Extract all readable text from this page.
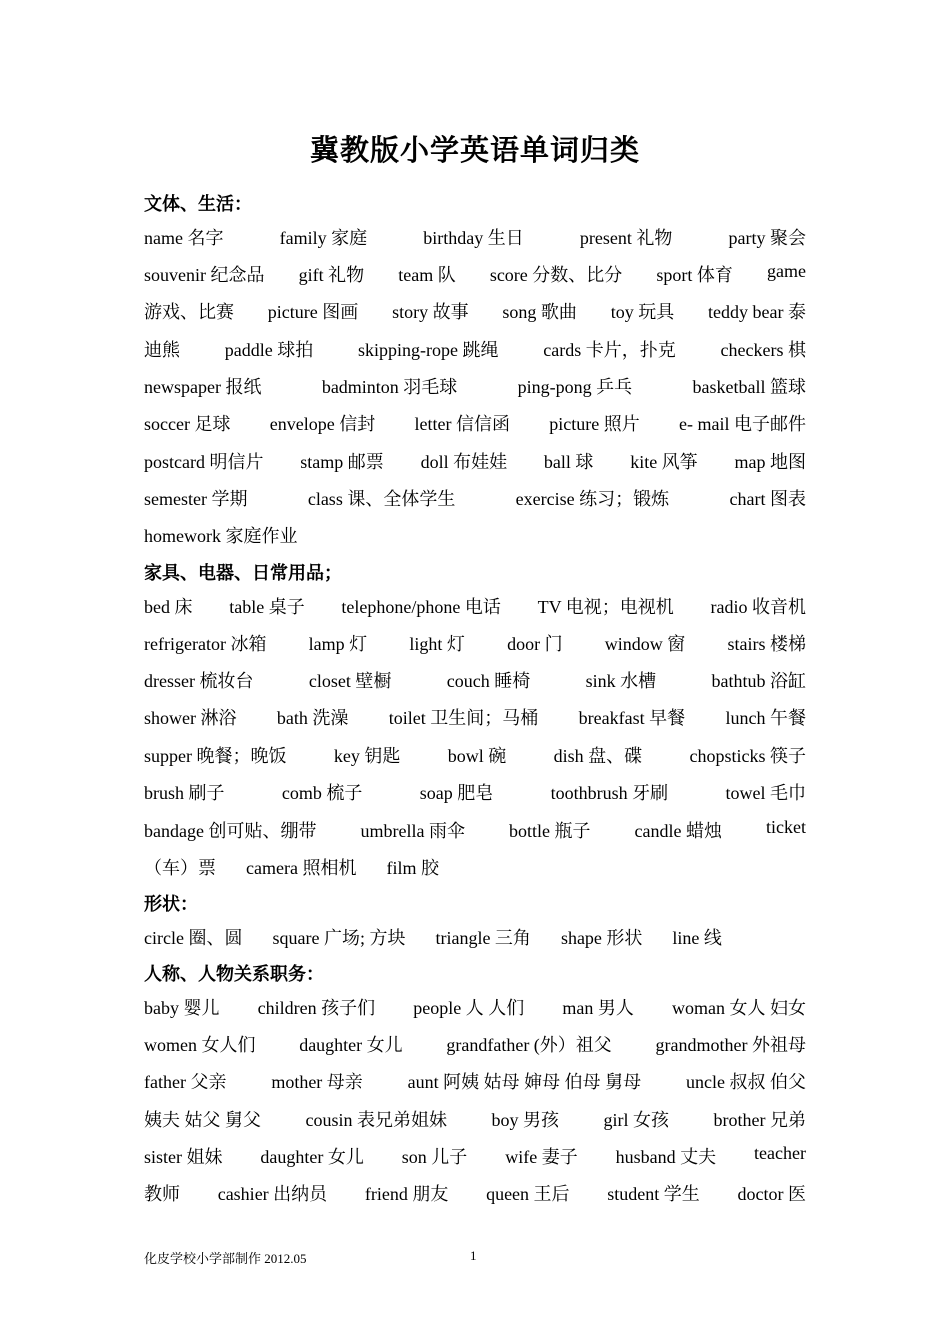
冀教版小学英语单词归类
文体、生活：
name 名字	family 家庭	birthday 生日	present 礼物	party 聚会
souvenir 纪念品 gift 礼物 team 队 score 分数、比分 sport 体育 game
游戏、比赛 picture 图画 story 故事 song 歌曲 toy 玩具 teddy bear 泰
迪熊 paddle 球拍 skipping-rope 跳绳 cards 卡片，扑克 checkers 棋
newspaper 报纸	badminton 羽毛球	ping-pong 乒乓	basketball 篮球
soccer 足球 envelope 信封 letter 信信函 picture 照片 e- mail 电子邮件
postcard 明信片 stamp 邮票 doll 布娃娃 ball 球 kite 风筝 map 地图
semester 学期	class 课、全体学生	exercise 练习；锻炼	chart 图表
homework 家庭作业
家具、电器、日常用品；
bed 床 table 桌子 telephone/phone 电话 TV 电视；电视机 radio 收音机
refrigerator 冰箱 lamp 灯 light 灯 door 门 window 窗 stairs 楼梯
dresser 梳妆台	closet 壁橱	couch 睡椅	sink 水槽	bathtub 浴缸
shower 淋浴 bath 洗澡 toilet 卫生间；马桶 breakfast 早餐 lunch 午餐
supper 晚餐；晚饭	key 钥匙	bowl 碗	dish 盘、碟	chopsticks 筷子
brush 刷子	comb 梳子	soap 肥皂	toothbrush 牙刷	towel 毛巾
bandage 创可贴、绷带 umbrella 雨伞 bottle 瓶子 candle 蜡烛 ticket
（车）票 camera 照相机 film 胶
形状：
circle 圈、圆 square 广场; 方块 triangle 三角 shape 形状 line 线
人称、人物关系职务：
baby 婴儿 children 孩子们 people 人 人们 man 男人 woman 女人 妇女
women 女人们 daughter 女儿 grandfather (外）祖父 grandmother 外祖母
father 父亲 mother 母亲 aunt 阿姨 姑母 婶母 伯母 舅母 uncle 叔叔 伯父
姨夫 姑父 舅父 cousin 表兄弟姐妹 boy 男孩 girl 女孩 brother 兄弟
sister 姐妹 daughter 女儿 son 儿子 wife 妻子 husband 丈夫 teacher
教师 cashier 出纳员 friend 朋友 queen 王后 student 学生 doctor 医
化皮学校小学部制作 2012.05	1
